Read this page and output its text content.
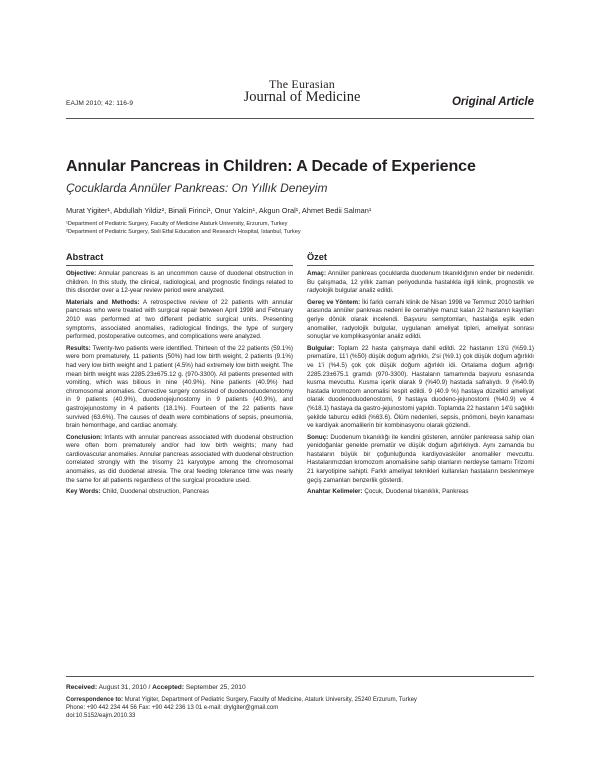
The Eurasian
Journal of Medicine
EAJM 2010; 42: 116-9	Original Article
Annular Pancreas in Children: A Decade of Experience
Çocuklarda Annüler Pankreas: On Yıllık Deneyim
Murat Yigiter¹, Abdullah Yildiz², Binali Firinci¹, Onur Yalcin¹, Akgun Oral¹, Ahmet Bedii Salman¹
¹Department of Pediatric Surgery, Faculty of Medicine Ataturk University, Erzurum, Turkey
²Department of Pediatric Surgery, Sisli Etfal Education and Research Hospital, Istanbul, Turkey
Abstract

Objective: Annular pancreas is an uncommon cause of duodenal obstruction in children. In this study, the clinical, radiological, and prognostic findings related to this disorder over a 12-year review period were analyzed.

Materials and Methods: A retrospective review of 22 patients with annular pancreas who were treated with surgical repair between April 1998 and February 2010 was performed at two different pediatric surgical units. Presenting symptoms, associated anomalies, radiological findings, the type of surgery performed, postoperative outcomes, and complications were analyzed.

Results: Twenty-two patients were identified. Thirteen of the 22 patients (59.1%) were born prematurely, 11 patients (50%) had low birth weight, 2 patients (9.1%) had very low birth weight and 1 patient (4.5%) had extremely low birth weight. The mean birth weight was 2285.23±675.12 g. (970-3300). All patients presented with vomiting, which was bilious in nine (40.9%). Nine patients (40.9%) had chromosomal anomalies. Corrective surgery consisted of duodenoduodenostomy in 9 patients (40.9%), duodenojejunostomy in 9 patients (40.9%), and gastrojejunostomy in 4 patients (18.1%). Fourteen of the 22 patients have survived (63.6%). The causes of death were combinations of sepsis, pneumonia, brain hemorrhage, and cardiac anomaly.

Conclusion: Infants with annular pancreas associated with duodenal obstruction were often born prematurely and/or had low birth weights; many had cardiovascular anomalies. Annular pancreas associated with duodenal obstruction correlated strongly with the trisomy 21 karyotype among the chromosomal anomalies, as did duodenal atresia. The oral feeding tolerance time was nearly the same for all patients regardless of the surgical procedure used.

Key Words: Child, Duodenal obstruction, Pancreas

Özet

Amaç: Annüler pankreas çocuklarda duodenum tıkanıklığının ender bir nedenidir. Bu çalışmada, 12 yıllık zaman periyodunda hastalıkla ilgili klinik, prognostik ve radyolojik bulgular analiz edildi.

Gereç ve Yöntem: İki farklı cerrahi klinik de Nisan 1998 ve Temmuz 2010 tarihleri arasında annüler pankreas nedeni ile cerrahiye maruz kalan 22 hastanın kayıtları geriye dönük olarak incelendi. Başvuru semptomları, hastalığa eşlik eden anomaliler, radyolojik bulgular, uygulanan ameliyat tipleri, ameliyat sonrası sonuçlar ve komplikasyonlar analiz edildi.

Bulgular: Toplam 22 hasta çalışmaya dahil edildi. 22 hastanın 13'ü (%59.1) prematüre, 11'i (%50) düşük doğum ağırlıklı, 2'si (%9.1) çok düşük doğum ağırlıklı ve 1'i (%4.5) çok çok düşük doğum ağırlıklı idi. Ortalama doğum ağırlığı 2285.23±675.1 gramdı (970-3300). Hastaların tamamında başvuru esnasında kusma mevcuttu. Kusma içerik olarak 9 (%40.9) hastada safralıydı. 9 (%40.9) hastada kromozom anomalisi tespit edildi. 9 (40.9 %) hastaya düzeltici ameliyat olarak duodenoduodenostomi, 9 hastaya duodeno-jejunostomi (%40.9) ve 4 (%18.1) hastaya da gastro-jejunostomi yapıldı. Toplamda 22 hastanın 14'ü sağlıklı şekilde taburcu edildi (%63.6). Ölüm nedenleri, sepsis, pnömoni, beyin kanaması ve kardiyak anomalilerin bir kombinasyonu olarak gözlendi.

Sonuç: Duodenum tıkanıklığı ile kendini gösteren, annüler pankreasa sahip olan yenidoğanlar genelde prematür ve düşük doğum ağırlıklıydı. Aynı zamanda bu hastaların büyük bir çoğunluğunda kardiyovasküler anomaliler mevcuttu. Hastalarımızdan kromozom anomalisine sahip olanların nerdeyse tamamı Trizomi 21 karyotipine sahipti. Farklı ameliyat teknikleri kullanılan hastaların beslenmeye geçiş zamanları benzerlik gösterdi.

Anahtar Kelimeler: Çocuk, Duodenal tıkanıklık, Pankreas

Received: August 31, 2010 / Accepted: September 25, 2010
Correspondence to: Murat Yigiter, Department of Pediatric Surgery, Faculty of Medicine, Ataturk University, 25240 Erzurum, Turkey
Phone: +90 442 234 44 56 Fax: +90 442 236 13 01 e-mail: drylgiter@gmail.com
doi:10.5152/eajm.2010.33
